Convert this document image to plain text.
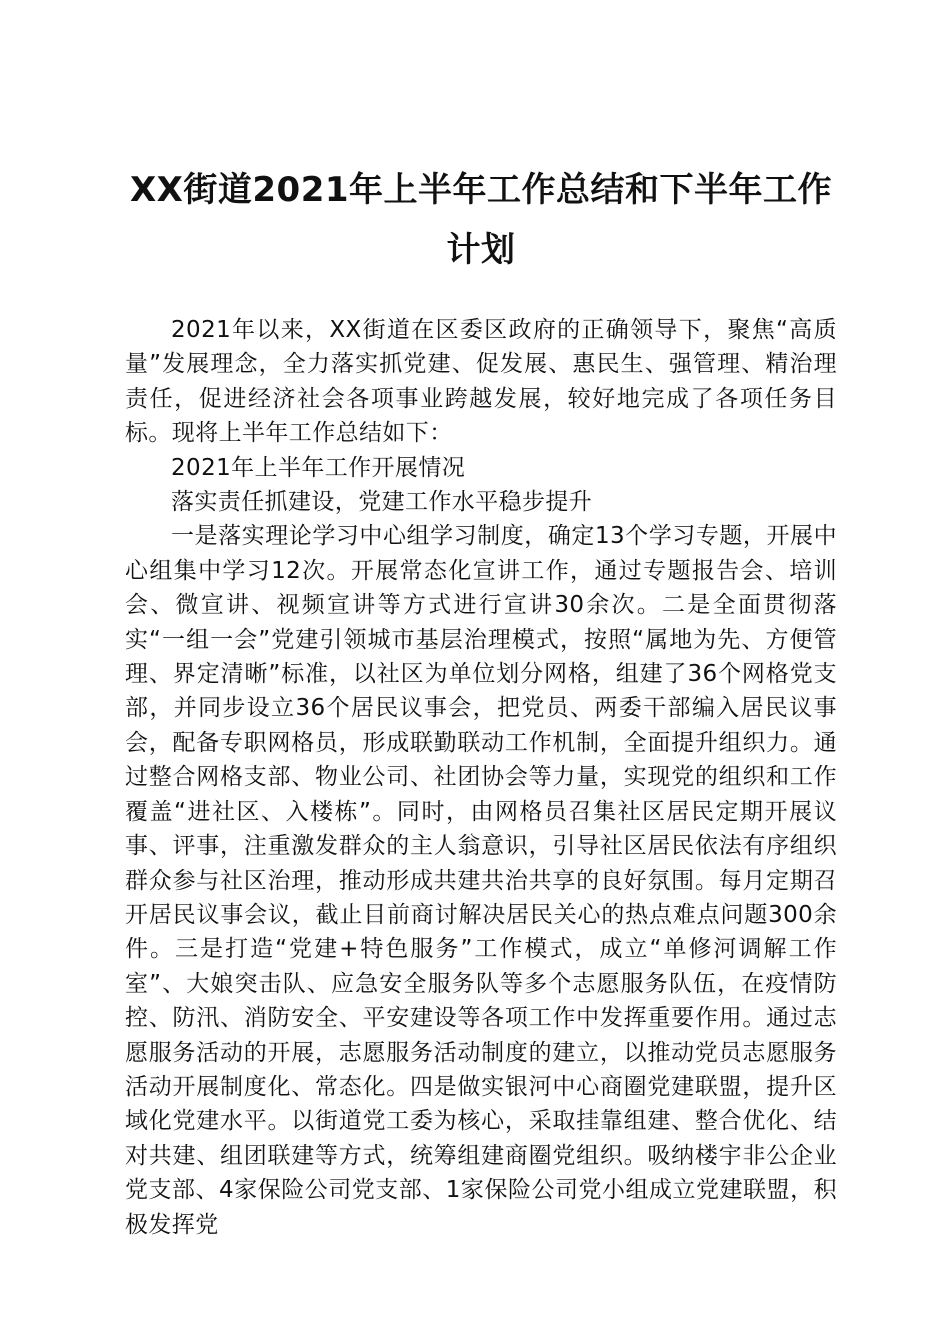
XX街道2021年上半年工作总结和下半年工作计划

2021年以来，XX街道在区委区政府的正确领导下，聚焦“高质量”发展理念，全力落实抓党建、促发展、惠民生、强管理、精治理责任，促进经济社会各项事业跨越发展，较好地完成了各项任务目标。现将上半年工作总结如下：

2021年上半年工作开展情况

落实责任抓建设，党建工作水平稳步提升

一是落实理论学习中心组学习制度，确定13个学习专题，开展中心组集中学习12次。开展常态化宣讲工作，通过专题报告会、培训会、微宣讲、视频宣讲等方式进行宣讲30余次。二是全面贯彻落实“一组一会”党建引领城市基层治理模式，按照“属地为先、方便管理、界定清晰”标准，以社区为单位划分网格，组建了36个网格党支部，并同步设立36个居民议事会，把党员、两委干部编入居民议事会，配备专职网格员，形成联勤联动工作机制，全面提升组织力。通过整合网格支部、物业公司、社团协会等力量，实现党的组织和工作覆盖“进社区、入楼栋”。同时，由网格员召集社区居民定期开展议事、评事，注重激发群众的主人翁意识，引导社区居民依法有序组织群众参与社区治理，推动形成共建共治共享的良好氛围。每月定期召开居民议事会议，截止目前商讨解决居民关心的热点难点问题300余件。三是打造“党建+特色服务”工作模式，成立“单修河调解工作室”、大娘突击队、应急安全服务队等多个志愿服务队伍，在疫情防控、防汛、消防安全、平安建设等各项工作中发挥重要作用。通过志愿服务活动的开展，志愿服务活动制度的建立，以推动党员志愿服务活动开展制度化、常态化。四是做实银河中心商圈党建联盟，提升区域化党建水平。以街道党工委为核心，采取挂靠组建、整合优化、结对共建、组团联建等方式，统筹组建商圈党组织。吸纳楼宇非公企业党支部、4家保险公司党支部、1家保险公司党小组成立党建联盟，积极发挥党
